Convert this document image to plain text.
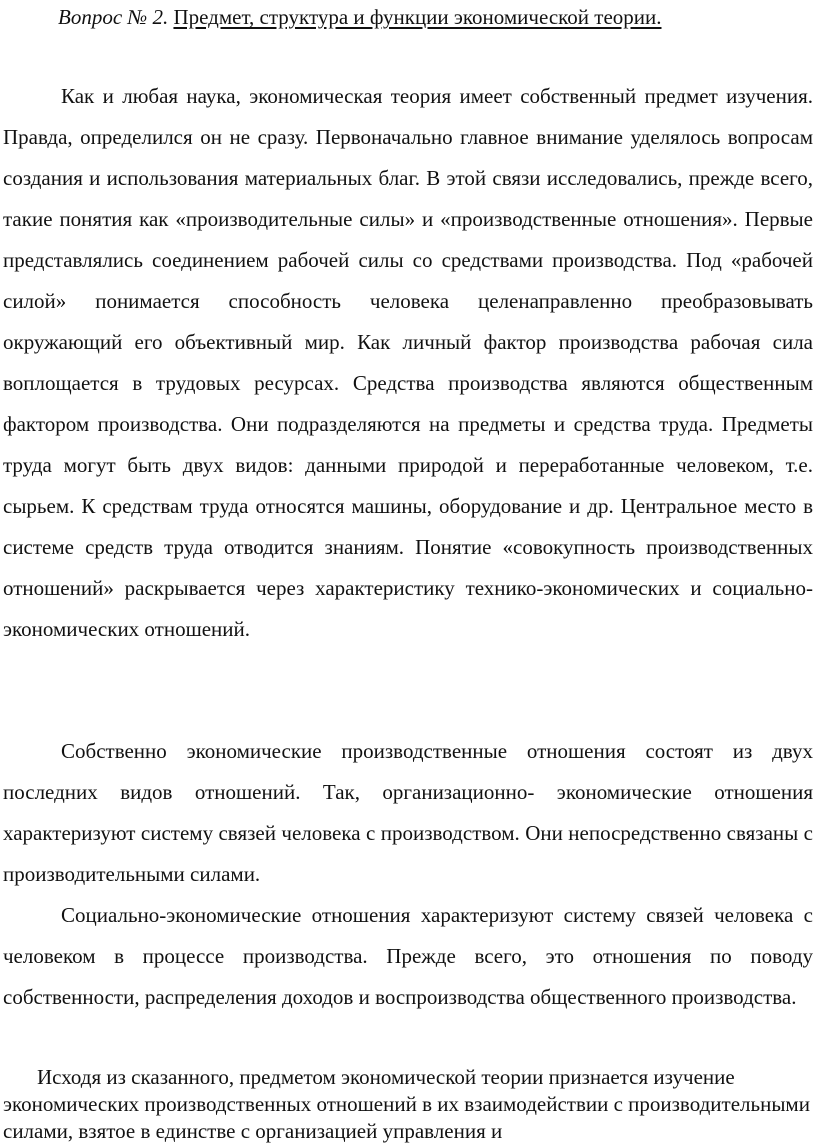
Вопрос № 2. Предмет, структура и функции экономической теории.

Как и любая наука, экономическая теория имеет собственный предмет изучения. Правда, определился он не сразу. Первоначально главное внимание уделялось вопросам создания и использования материальных благ. В этой связи исследовались, прежде всего, такие понятия как «производительные силы» и «производственные отношения». Первые представлялись соединением рабочей силы со средствами производства. Под «рабочей силой» понимается способность человека целенаправленно преобразовывать окружающий его объективный мир. Как личный фактор производства рабочая сила воплощается в трудовых ресурсах. Средства производства являются общественным фактором производства. Они подразделяются на предметы и средства труда. Предметы труда могут быть двух видов: данными природой и переработанные человеком, т.е. сырьем. К средствам труда относятся машины, оборудование и др. Центральное место в системе средств труда отводится знаниям. Понятие «совокупность производственных отношений» раскрывается через характеристику технико-экономических и социально-экономических отношений.

Собственно экономические производственные отношения состоят из двух последних видов отношений. Так, организационно- экономические отношения характеризуют систему связей человека с производством. Они непосредственно связаны с производительными силами.

Социально-экономические отношения характеризуют систему связей человека с человеком в процессе производства. Прежде всего, это отношения по поводу собственности, распределения доходов и воспроизводства общественного производства.

Исходя из сказанного, предметом экономической теории признается изучение экономических производственных отношений в их взаимодействии с производительными силами, взятое в единстве с организацией управления и
